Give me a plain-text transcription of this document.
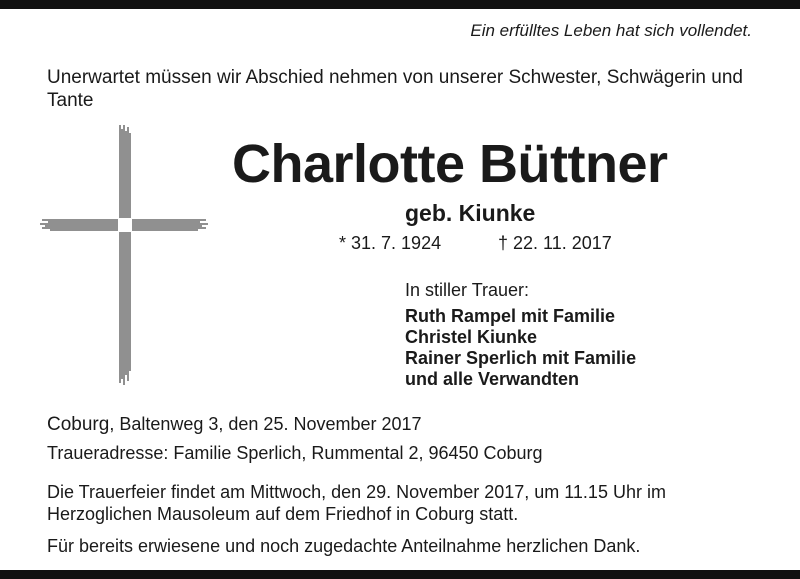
Ein erfülltes Leben hat sich vollendet.
Unerwartet müssen wir Abschied nehmen von unserer Schwester, Schwägerin und Tante
Charlotte Büttner
geb. Kiunke
* 31. 7. 1924	† 22. 11. 2017
In stiller Trauer:
Ruth Rampel mit Familie
Christel Kiunke
Rainer Sperlich mit Familie
und alle Verwandten
Coburg, Baltenweg 3, den 25. November 2017
Traueradresse: Familie Sperlich, Rummental 2, 96450 Coburg
Die Trauerfeier findet am Mittwoch, den 29. November 2017, um 11.15 Uhr im Herzoglichen Mausoleum auf dem Friedhof in Coburg statt.
Für bereits erwiesene und noch zugedachte Anteilnahme herzlichen Dank.
